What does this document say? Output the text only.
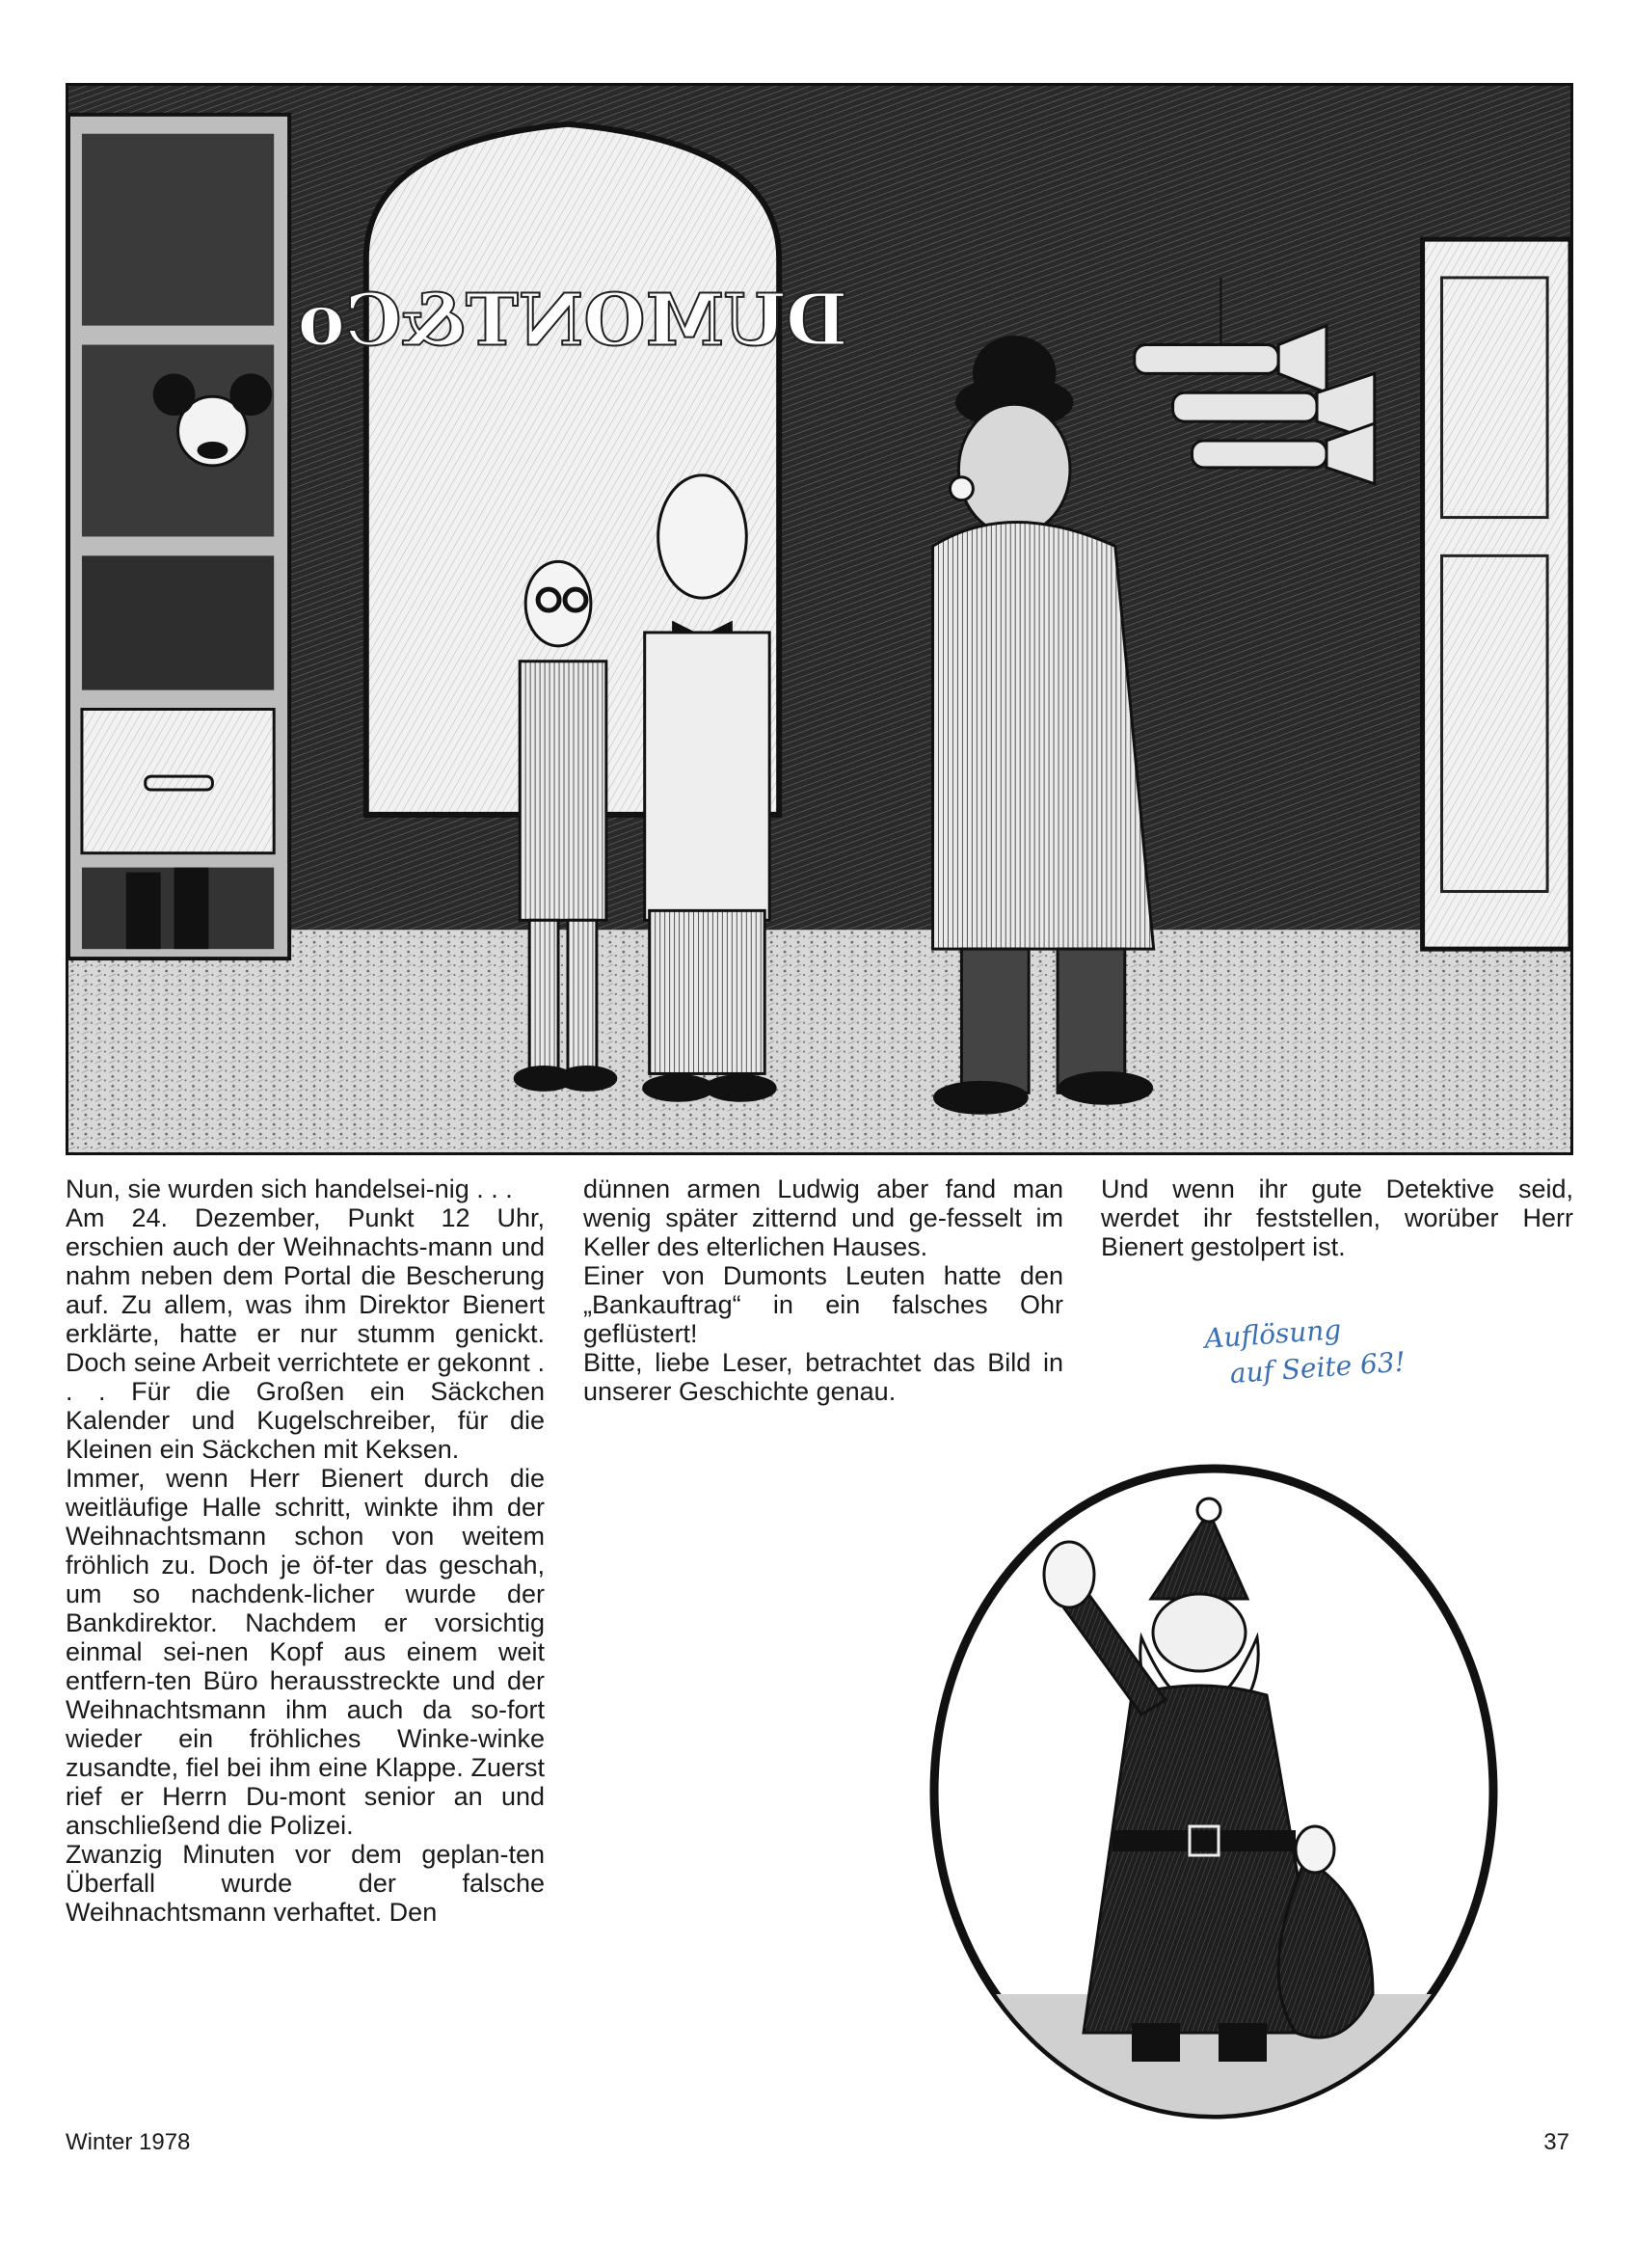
DUMONT&Co

Nun, sie wurden sich handelsei-nig . . .

Am 24. Dezember, Punkt 12 Uhr, erschien auch der Weihnachts-mann und nahm neben dem Portal die Bescherung auf. Zu allem, was ihm Direktor Bienert erklärte, hatte er nur stumm genickt. Doch seine Arbeit verrichtete er gekonnt . . . Für die Großen ein Säckchen Kalender und Kugelschreiber, für die Kleinen ein Säckchen mit Keksen.

Immer, wenn Herr Bienert durch die weitläufige Halle schritt, winkte ihm der Weihnachtsmann schon von weitem fröhlich zu. Doch je öf-ter das geschah, um so nachdenk-licher wurde der Bankdirektor. Nachdem er vorsichtig einmal sei-nen Kopf aus einem weit entfern-ten Büro herausstreckte und der Weihnachtsmann ihm auch da so-fort wieder ein fröhliches Winke-winke zusandte, fiel bei ihm eine Klappe. Zuerst rief er Herrn Du-mont senior an und anschließend die Polizei.

Zwanzig Minuten vor dem geplan-ten Überfall wurde der falsche Weihnachtsmann verhaftet. Den

dünnen armen Ludwig aber fand man wenig später zitternd und ge-fesselt im Keller des elterlichen Hauses.

Einer von Dumonts Leuten hatte den „Bankauftrag“ in ein falsches Ohr geflüstert!

Bitte, liebe Leser, betrachtet das Bild in unserer Geschichte genau.

Und wenn ihr gute Detektive seid, werdet ihr feststellen, worüber Herr Bienert gestolpert ist.

Auflösung
auf Seite 63!
Winter 1978	37
